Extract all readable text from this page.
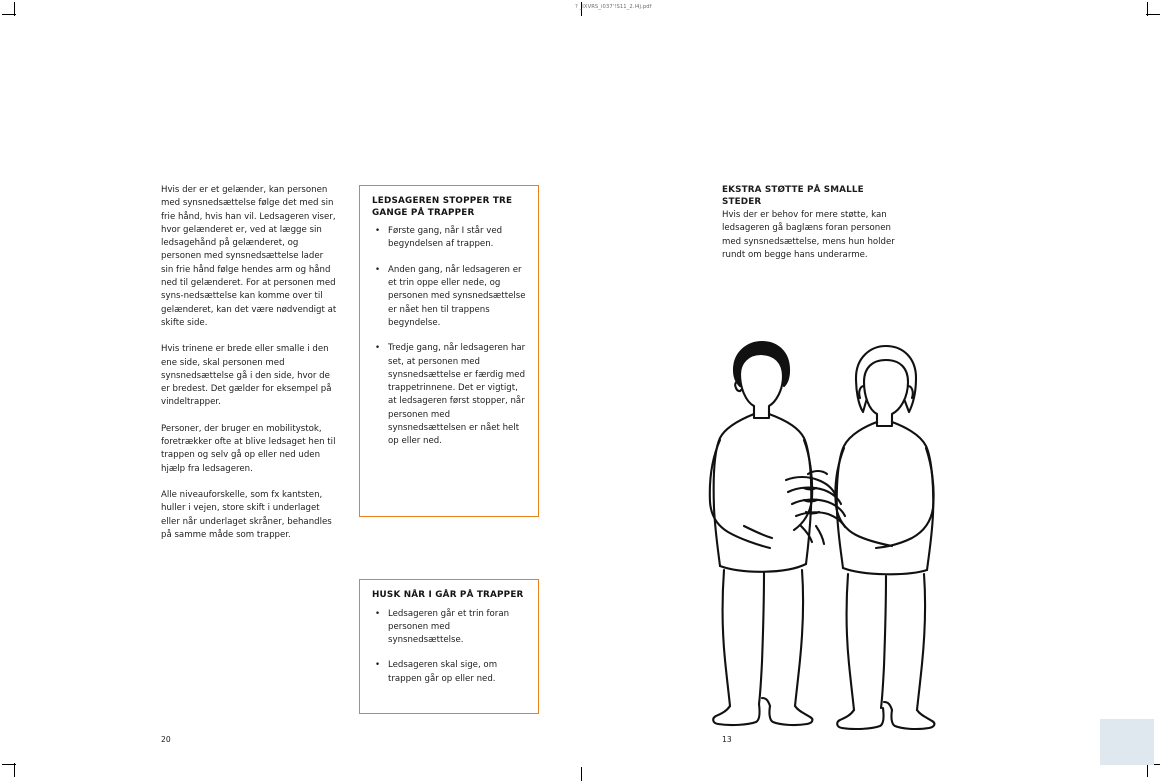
? _IXVRS_i037'!S11_2.I4j.pdf

Hvis der er et gelænder, kan personen med synsnedsættelse følge det med sin frie hånd, hvis han vil. Ledsageren viser, hvor gelænderet er, ved at lægge sin ledsagehånd på gelænderet, og personen med synsnedsættelse lader sin frie hånd følge hendes arm og hånd ned til gelænderet. For at personen med syns-nedsættelse kan komme over til gelænderet, kan det være nødvendigt at skifte side.

Hvis trinene er brede eller smalle i den ene side, skal personen med synsnedsættelse gå i den side, hvor de er bredest. Det gælder for eksempel på vindeltrapper.

Personer, der bruger en mobilitystok, foretrækker ofte at blive ledsaget hen til trappen og selv gå op eller ned uden hjælp fra ledsageren.

Alle niveauforskelle, som fx kantsten, huller i vejen, store skift i underlaget eller når underlaget skråner, behandles på samme måde som trapper.

LEDSAGEREN STOPPER TRE GANGE PÅ TRAPPER
• Første gang, når I står ved begyndelsen af trappen.
• Anden gang, når ledsageren er et trin oppe eller nede, og personen med synsnedsættelse er nået hen til trappens begyndelse.
• Tredje gang, når ledsageren har set, at personen med synsnedsættelse er færdig med trappetrinnene. Det er vigtigt, at ledsageren først stopper, når personen med synsnedsættelsen er nået helt op eller ned.
HUSK NÅR I GÅR PÅ TRAPPER
• Ledsageren går et trin foran personen med synsnedsættelse.
• Ledsageren skal sige, om trappen går op eller ned.
EKSTRA STØTTE PÅ SMALLE STEDER

Hvis der er behov for mere støtte, kan ledsageren gå baglæns foran personen med synsnedsættelse, mens hun holder rundt om begge hans underarme.

20	13
